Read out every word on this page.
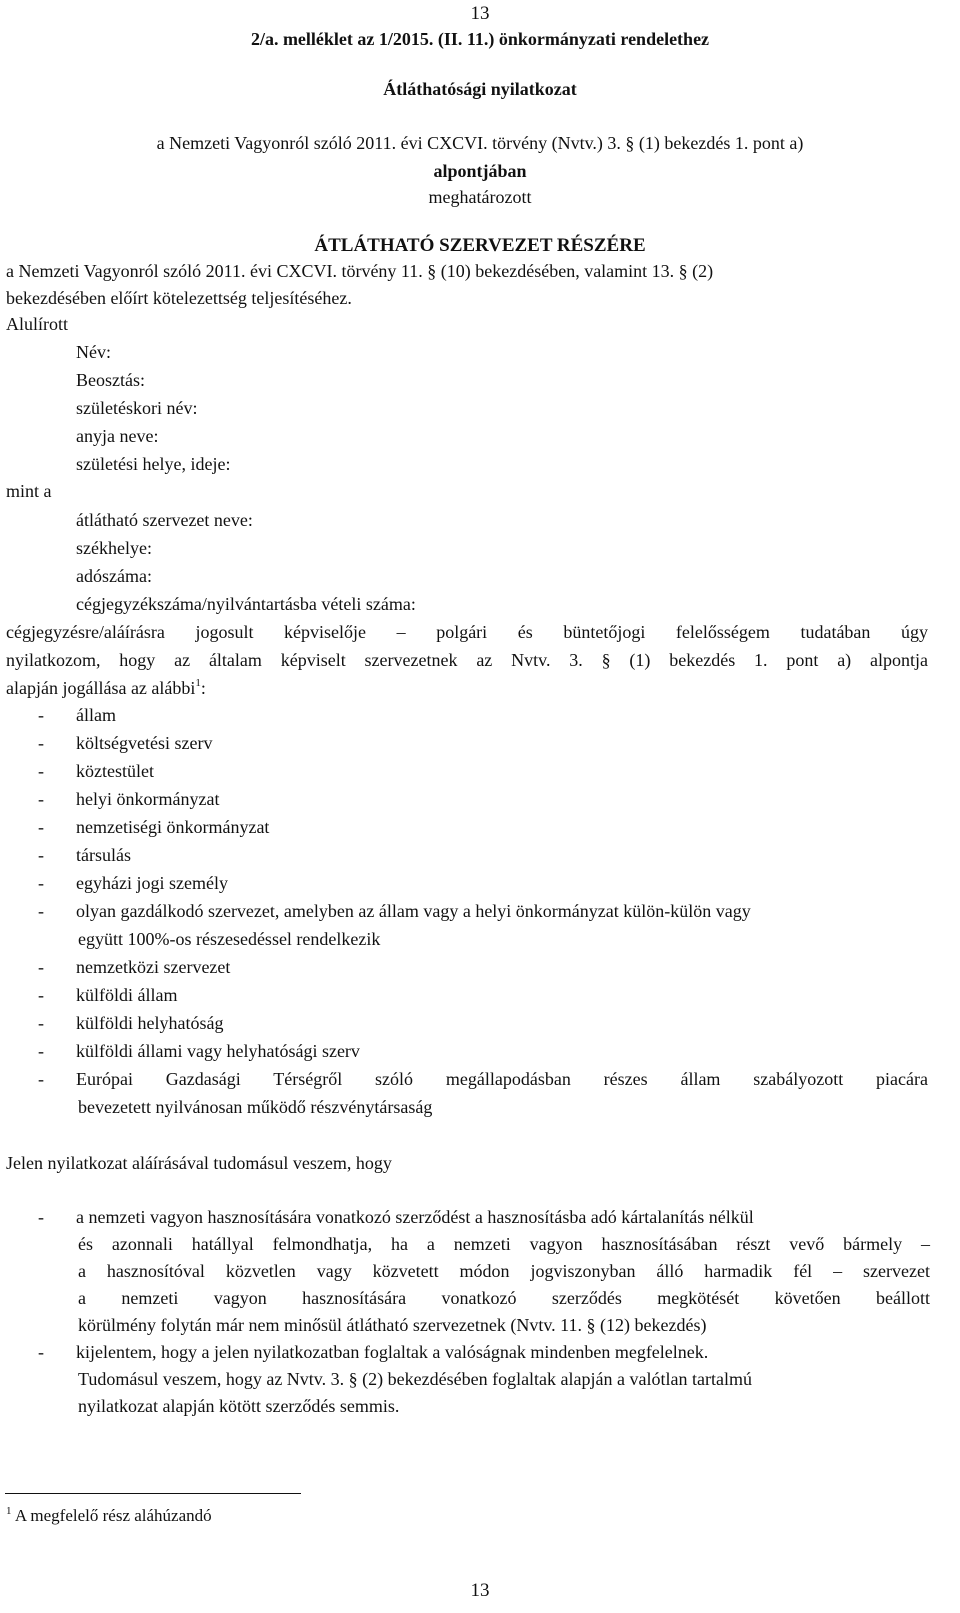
13
2/a. melléklet az 1/2015. (II. 11.) önkormányzati rendelethez
Átláthatósági nyilatkozat
a Nemzeti Vagyonról szóló 2011. évi CXCVI. törvény (Nvtv.) 3. § (1) bekezdés 1. pont a)
alpontjában
meghatározott
ÁTLÁTHATÓ SZERVEZET RÉSZÉRE
a Nemzeti Vagyonról szóló 2011. évi CXCVI. törvény 11. § (10) bekezdésében, valamint 13. § (2)
bekezdésében előírt kötelezettség teljesítéséhez.
Alulírott
Név:
Beosztás:
születéskori név:
anyja neve:
születési helye, ideje:
mint a
átlátható szervezet neve:
székhelye:
adószáma:
cégjegyzékszáma/nyilvántartásba vételi száma:
cégjegyzésre/aláírásra jogosult képviselője – polgári és büntetőjogi felelősségem tudatában úgy
nyilatkozom, hogy az általam képviselt szervezetnek az Nvtv. 3. § (1) bekezdés 1. pont a) alpontja
alapján jogállása az alábbi$^1$:
- állam
- költségvetési szerv
- köztestület
- helyi önkormányzat
- nemzetiségi önkormányzat
- társulás
- egyházi jogi személy
- olyan gazdálkodó szervezet, amelyben az állam vagy a helyi önkormányzat külön-külön vagy
együtt 100%-os részesedéssel rendelkezik
- nemzetközi szervezet
- külföldi állam
- külföldi helyhatóság
- külföldi állami vagy helyhatósági szerv
- Európai Gazdasági Térségről szóló megállapodásban részes állam szabályozott piacára
bevezetett nyilvánosan működő részvénytársaság
Jelen nyilatkozat aláírásával tudomásul veszem, hogy
- a nemzeti vagyon hasznosítására vonatkozó szerződést a hasznosításba adó kártalanítás nélkül
és azonnali hatállyal felmondhatja, ha a nemzeti vagyon hasznosításában részt vevő bármely –
a hasznosítóval közvetlen vagy közvetett módon jogviszonyban álló harmadik fél – szervezet
a nemzeti vagyon hasznosítására vonatkozó szerződés megkötését követően beállott
körülmény folytán már nem minősül átlátható szervezetnek (Nvtv. 11. § (12) bekezdés)
- kijelentem, hogy a jelen nyilatkozatban foglaltak a valóságnak mindenben megfelelnek.
Tudomásul veszem, hogy az Nvtv. 3. § (2) bekezdésében foglaltak alapján a valótlan tartalmú
nyilatkozat alapján kötött szerződés semmis.
$^1$ A megfelelő rész aláhúzandó
13
